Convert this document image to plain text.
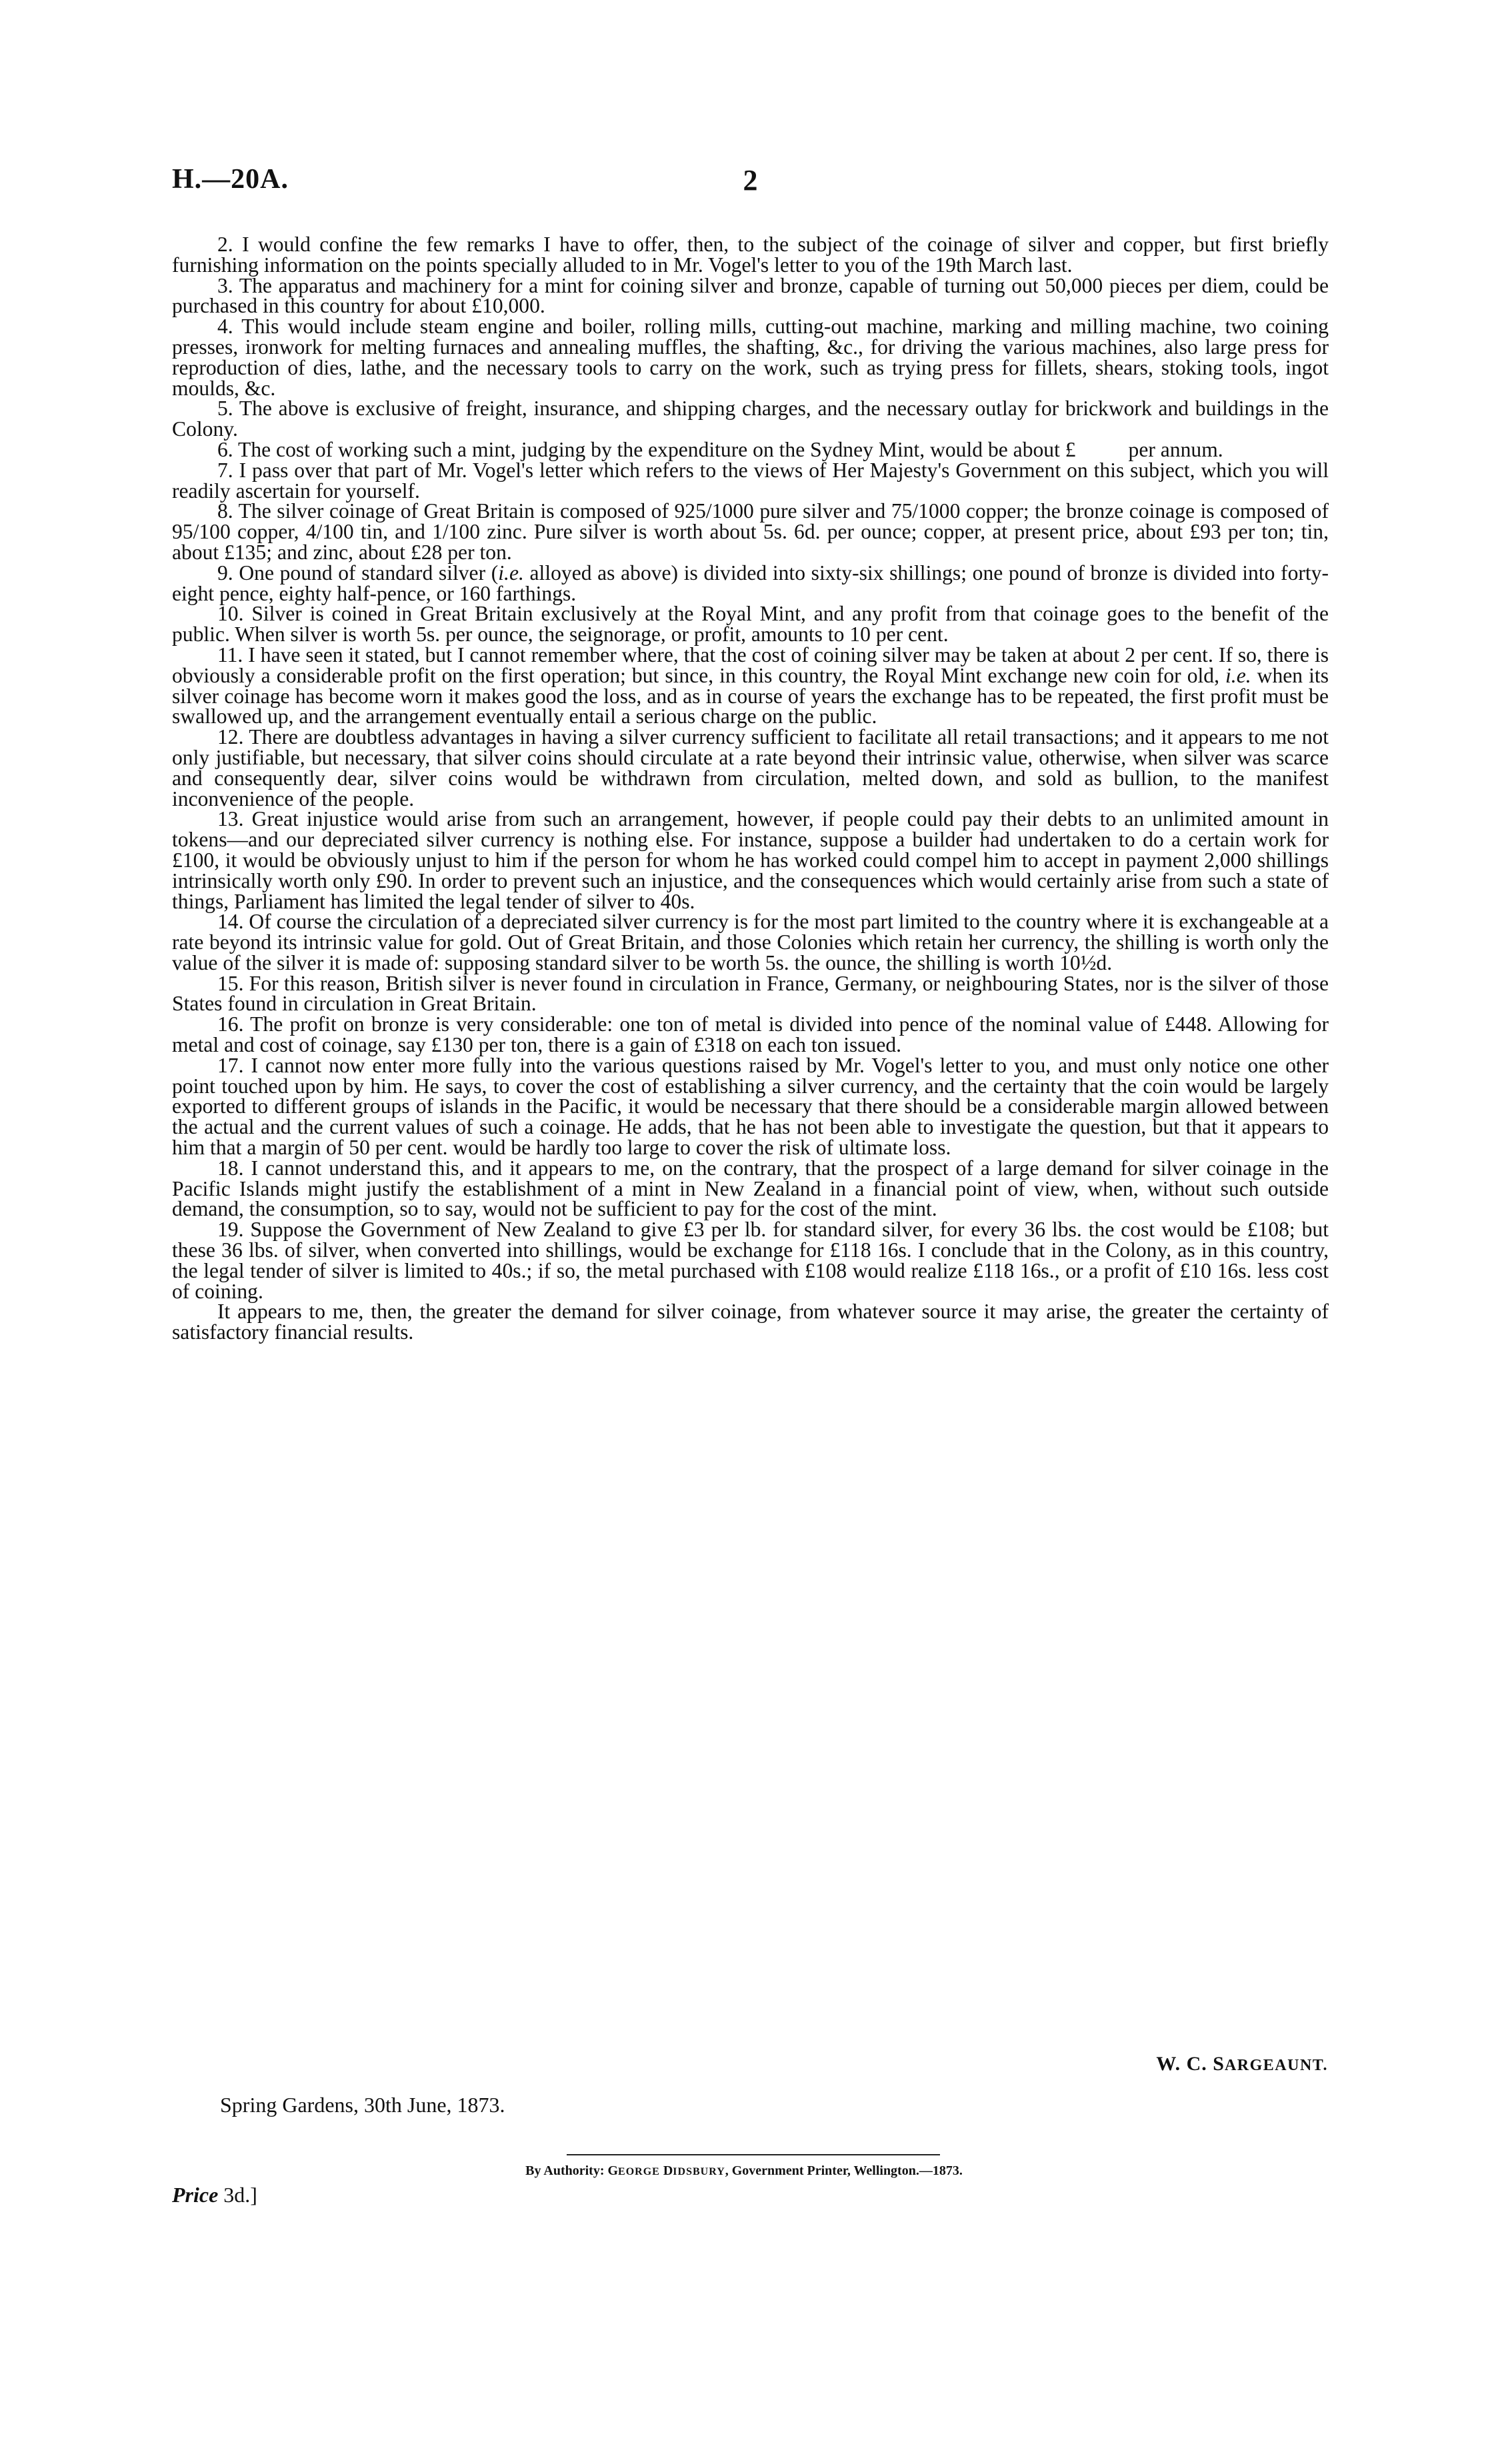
H.—20A.	2

2. I would confine the few remarks I have to offer, then, to the subject of the coinage of silver and copper, but first briefly furnishing information on the points specially alluded to in Mr. Vogel's letter to you of the 19th March last.

3. The apparatus and machinery for a mint for coining silver and bronze, capable of turning out 50,000 pieces per diem, could be purchased in this country for about £10,000.

4. This would include steam engine and boiler, rolling mills, cutting-out machine, marking and milling machine, two coining presses, ironwork for melting furnaces and annealing muffles, the shafting, &c., for driving the various machines, also large press for reproduction of dies, lathe, and the necessary tools to carry on the work, such as trying press for fillets, shears, stoking tools, ingot moulds, &c.

5. The above is exclusive of freight, insurance, and shipping charges, and the necessary outlay for brickwork and buildings in the Colony.

6. The cost of working such a mint, judging by the expenditure on the Sydney Mint, would be about £          per annum.

7. I pass over that part of Mr. Vogel's letter which refers to the views of Her Majesty's Government on this subject, which you will readily ascertain for yourself.

8. The silver coinage of Great Britain is composed of 925/1000 pure silver and 75/1000 copper; the bronze coinage is composed of 95/100 copper, 4/100 tin, and 1/100 zinc. Pure silver is worth about 5s. 6d. per ounce; copper, at present price, about £93 per ton; tin, about £135; and zinc, about £28 per ton.

9. One pound of standard silver (i.e. alloyed as above) is divided into sixty-six shillings; one pound of bronze is divided into forty-eight pence, eighty half-pence, or 160 farthings.

10. Silver is coined in Great Britain exclusively at the Royal Mint, and any profit from that coinage goes to the benefit of the public. When silver is worth 5s. per ounce, the seignorage, or profit, amounts to 10 per cent.

11. I have seen it stated, but I cannot remember where, that the cost of coining silver may be taken at about 2 per cent. If so, there is obviously a considerable profit on the first operation; but since, in this country, the Royal Mint exchange new coin for old, i.e. when its silver coinage has become worn it makes good the loss, and as in course of years the exchange has to be repeated, the first profit must be swallowed up, and the arrangement eventually entail a serious charge on the public.

12. There are doubtless advantages in having a silver currency sufficient to facilitate all retail transactions; and it appears to me not only justifiable, but necessary, that silver coins should circulate at a rate beyond their intrinsic value, otherwise, when silver was scarce and consequently dear, silver coins would be withdrawn from circulation, melted down, and sold as bullion, to the manifest inconvenience of the people.

13. Great injustice would arise from such an arrangement, however, if people could pay their debts to an unlimited amount in tokens—and our depreciated silver currency is nothing else. For instance, suppose a builder had undertaken to do a certain work for £100, it would be obviously unjust to him if the person for whom he has worked could compel him to accept in payment 2,000 shillings intrinsically worth only £90. In order to prevent such an injustice, and the consequences which would certainly arise from such a state of things, Parliament has limited the legal tender of silver to 40s.

14. Of course the circulation of a depreciated silver currency is for the most part limited to the country where it is exchangeable at a rate beyond its intrinsic value for gold. Out of Great Britain, and those Colonies which retain her currency, the shilling is worth only the value of the silver it is made of: supposing standard silver to be worth 5s. the ounce, the shilling is worth 10½d.

15. For this reason, British silver is never found in circulation in France, Germany, or neighbouring States, nor is the silver of those States found in circulation in Great Britain.

16. The profit on bronze is very considerable: one ton of metal is divided into pence of the nominal value of £448. Allowing for metal and cost of coinage, say £130 per ton, there is a gain of £318 on each ton issued.

17. I cannot now enter more fully into the various questions raised by Mr. Vogel's letter to you, and must only notice one other point touched upon by him. He says, to cover the cost of establishing a silver currency, and the certainty that the coin would be largely exported to different groups of islands in the Pacific, it would be necessary that there should be a considerable margin allowed between the actual and the current values of such a coinage. He adds, that he has not been able to investigate the question, but that it appears to him that a margin of 50 per cent. would be hardly too large to cover the risk of ultimate loss.

18. I cannot understand this, and it appears to me, on the contrary, that the prospect of a large demand for silver coinage in the Pacific Islands might justify the establishment of a mint in New Zealand in a financial point of view, when, without such outside demand, the consumption, so to say, would not be sufficient to pay for the cost of the mint.

19. Suppose the Government of New Zealand to give £3 per lb. for standard silver, for every 36 lbs. the cost would be £108; but these 36 lbs. of silver, when converted into shillings, would be exchange for £118 16s. I conclude that in the Colony, as in this country, the legal tender of silver is limited to 40s.; if so, the metal purchased with £108 would realize £118 16s., or a profit of £10 16s. less cost of coining.

It appears to me, then, the greater the demand for silver coinage, from whatever source it may arise, the greater the certainty of satisfactory financial results.

W. C. SARGEAUNT.
Spring Gardens, 30th June, 1873.
By Authority: GEORGE DIDSBURY, Government Printer, Wellington.—1873.
Price 3d.]
